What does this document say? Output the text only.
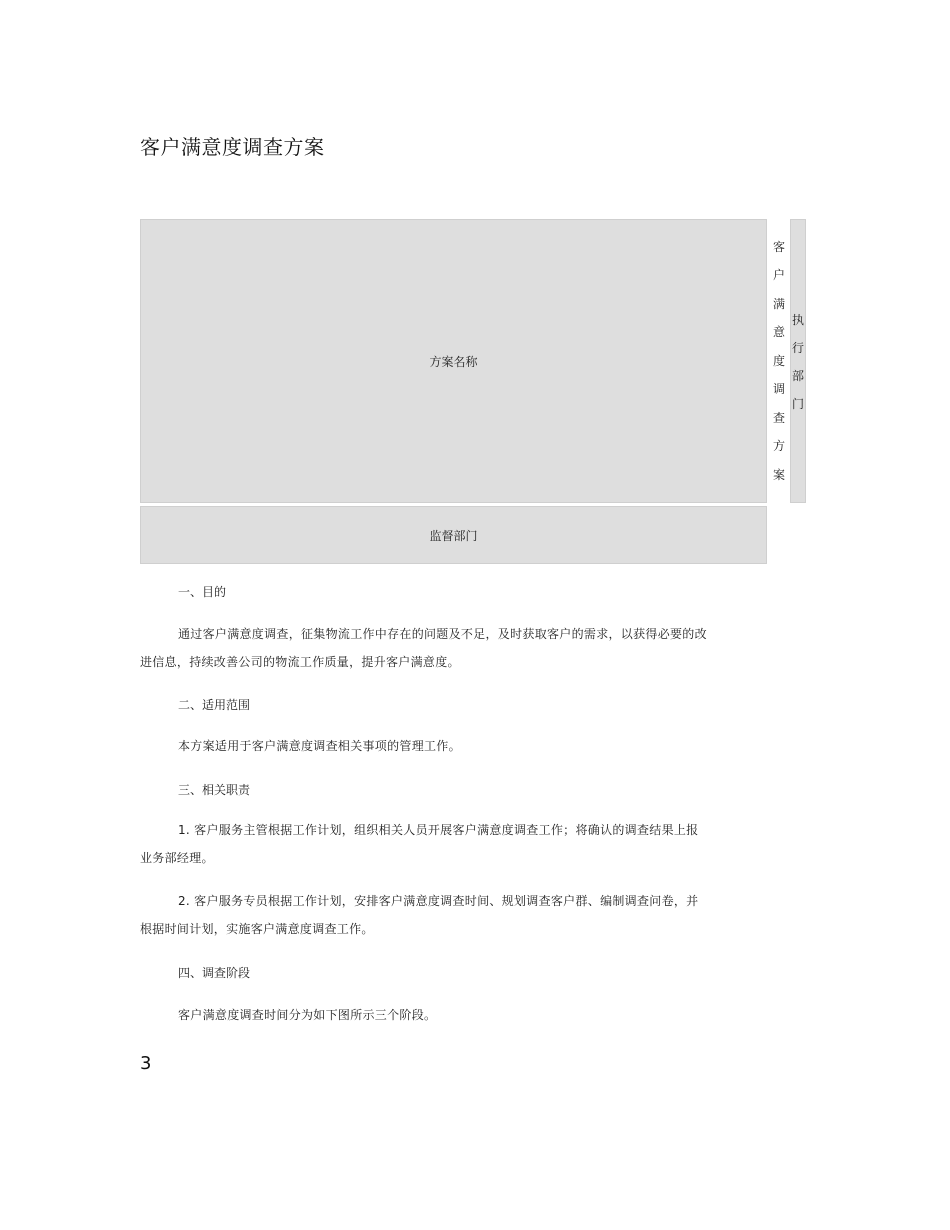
客户满意度调查方案
方案名称
客
户
满
意
度
调
查
方
案
执
行
部
门
监督部门

一、目的

通过客户满意度调查，征集物流工作中存在的问题及不足，及时获取客户的需求，以获得必要的改进信息，持续改善公司的物流工作质量，提升客户满意度。

二、适用范围

本方案适用于客户满意度调查相关事项的管理工作。

三、相关职责

1. 客户服务主管根据工作计划，组织相关人员开展客户满意度调查工作；将确认的调查结果上报业务部经理。

2. 客户服务专员根据工作计划，安排客户满意度调查时间、规划调查客户群、编制调查问卷，并根据时间计划，实施客户满意度调查工作。

四、调查阶段

客户满意度调查时间分为如下图所示三个阶段。

3
